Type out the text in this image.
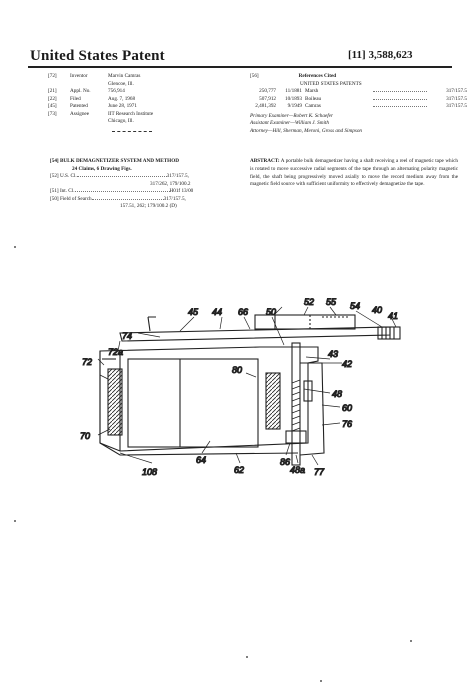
United States Patent	[11] 3,588,623
[72]	Inventor	Marvin Camras
Glencoe, Ill.
[21]	Appl. No.	756,914
[22]	Filed	Aug. 7, 1968
[45]	Patented	June 28, 1971
[73]	Assignee	IIT Research Institute
Chicago, Ill.
[56]	References Cited
UNITED STATES PATENTS
250,777 11/1881 Marsh	317/157.5
507,912 10/1893 Boileau	317/157.5
2,481,392 9/1949 Camras	317/157.5
Primary Examiner—Robert K. Schaefer
Assistant Examiner—William J. Smith
Attorney—Hill, Sherman, Meroni, Gross and Simpson
[54] BULK DEMAGNETIZER SYSTEM AND METHOD
24 Claims, 6 Drawing Figs.
[52] U.S. Cl.	317/157.5,
317/262, 179/100.2
[51] Int. Cl.	H01f 13/00
[50] Field of Search	317/157.5,
157.51, 262; 179/100.2 (D)
ABSTRACT: A portable bulk demagnetizer having a shaft receiving a reel of magnetic tape which is rotated to move successive radial segments of the tape through an alternating polarity magnetic field, the shaft being progressively moved axially to move the record medium away from the magnetic field source with sufficient uniformity to effectively demagnetize the tape.
52 55 54 40
41
44 66 50
45
74
72a
72
43
42
80
48
60
70
76
86
64
108	62	48a 77
